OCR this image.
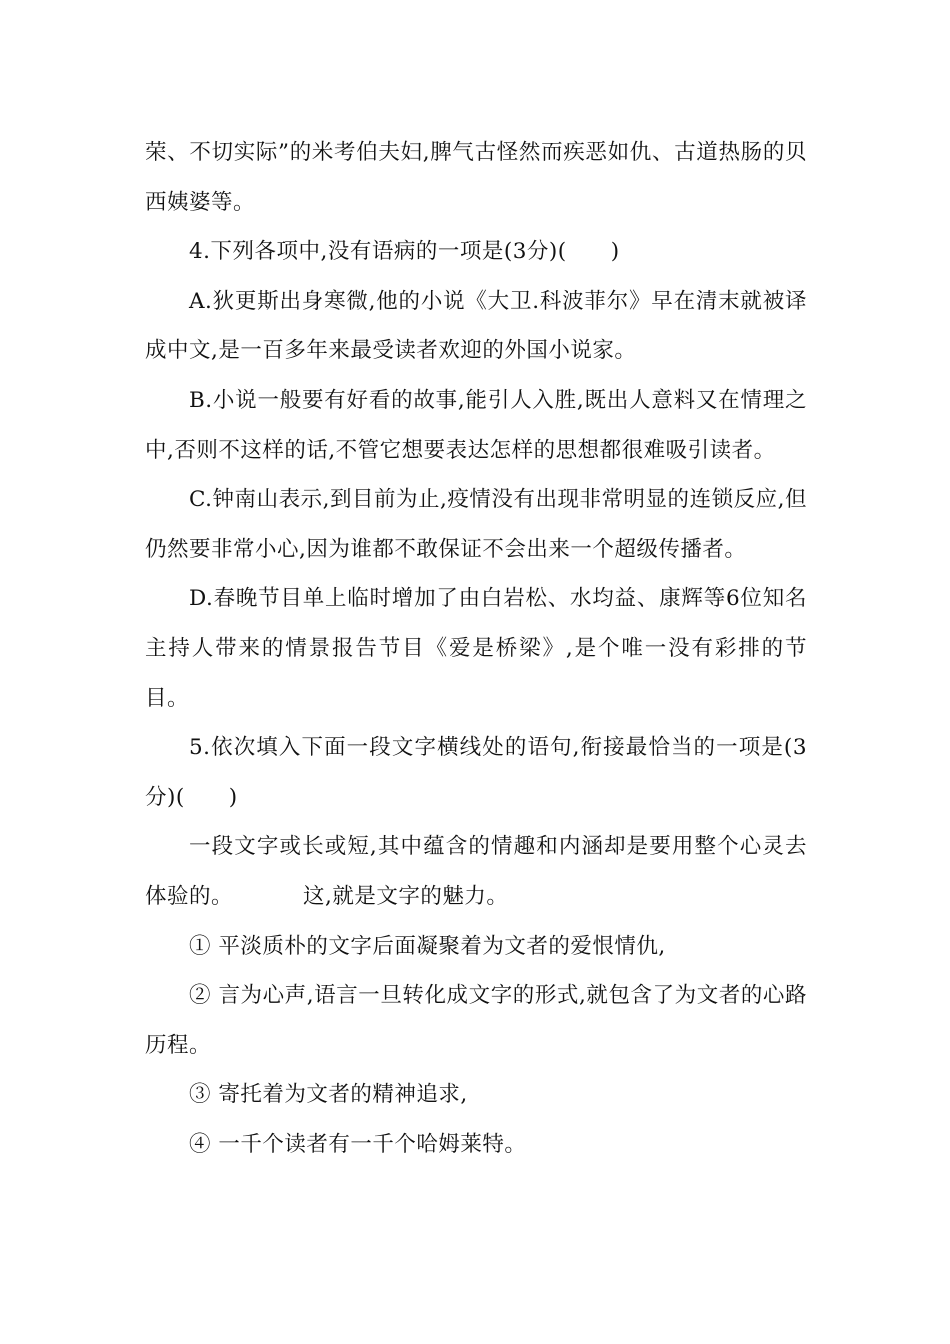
荣、不切实际”的米考伯夫妇,脾气古怪然而疾恶如仇、古道热肠的贝西姨婆等。

4.下列各项中,没有语病的一项是(3分)(　　)

A.狄更斯出身寒微,他的小说《大卫.科波菲尔》早在清末就被译成中文,是一百多年来最受读者欢迎的外国小说家。

B.小说一般要有好看的故事,能引人入胜,既出人意料又在情理之中,否则不这样的话,不管它想要表达怎样的思想都很难吸引读者。

C.钟南山表示,到目前为止,疫情没有出现非常明显的连锁反应,但仍然要非常小心,因为谁都不敢保证不会出来一个超级传播者。

D.春晚节目单上临时增加了由白岩松、水均益、康辉等6位知名主持人带来的情景报告节目《爱是桥梁》,是个唯一没有彩排的节目。

5.依次填入下面一段文字横线处的语句,衔接最恰当的一项是(3分)(　　)

一段文字或长或短,其中蕴含的情趣和内涵却是要用整个心灵去体验的。	这,就是文字的魅力。

① 平淡质朴的文字后面凝聚着为文者的爱恨情仇,

② 言为心声,语言一旦转化成文字的形式,就包含了为文者的心路历程。

③ 寄托着为文者的精神追求,

④ 一千个读者有一千个哈姆莱特。
